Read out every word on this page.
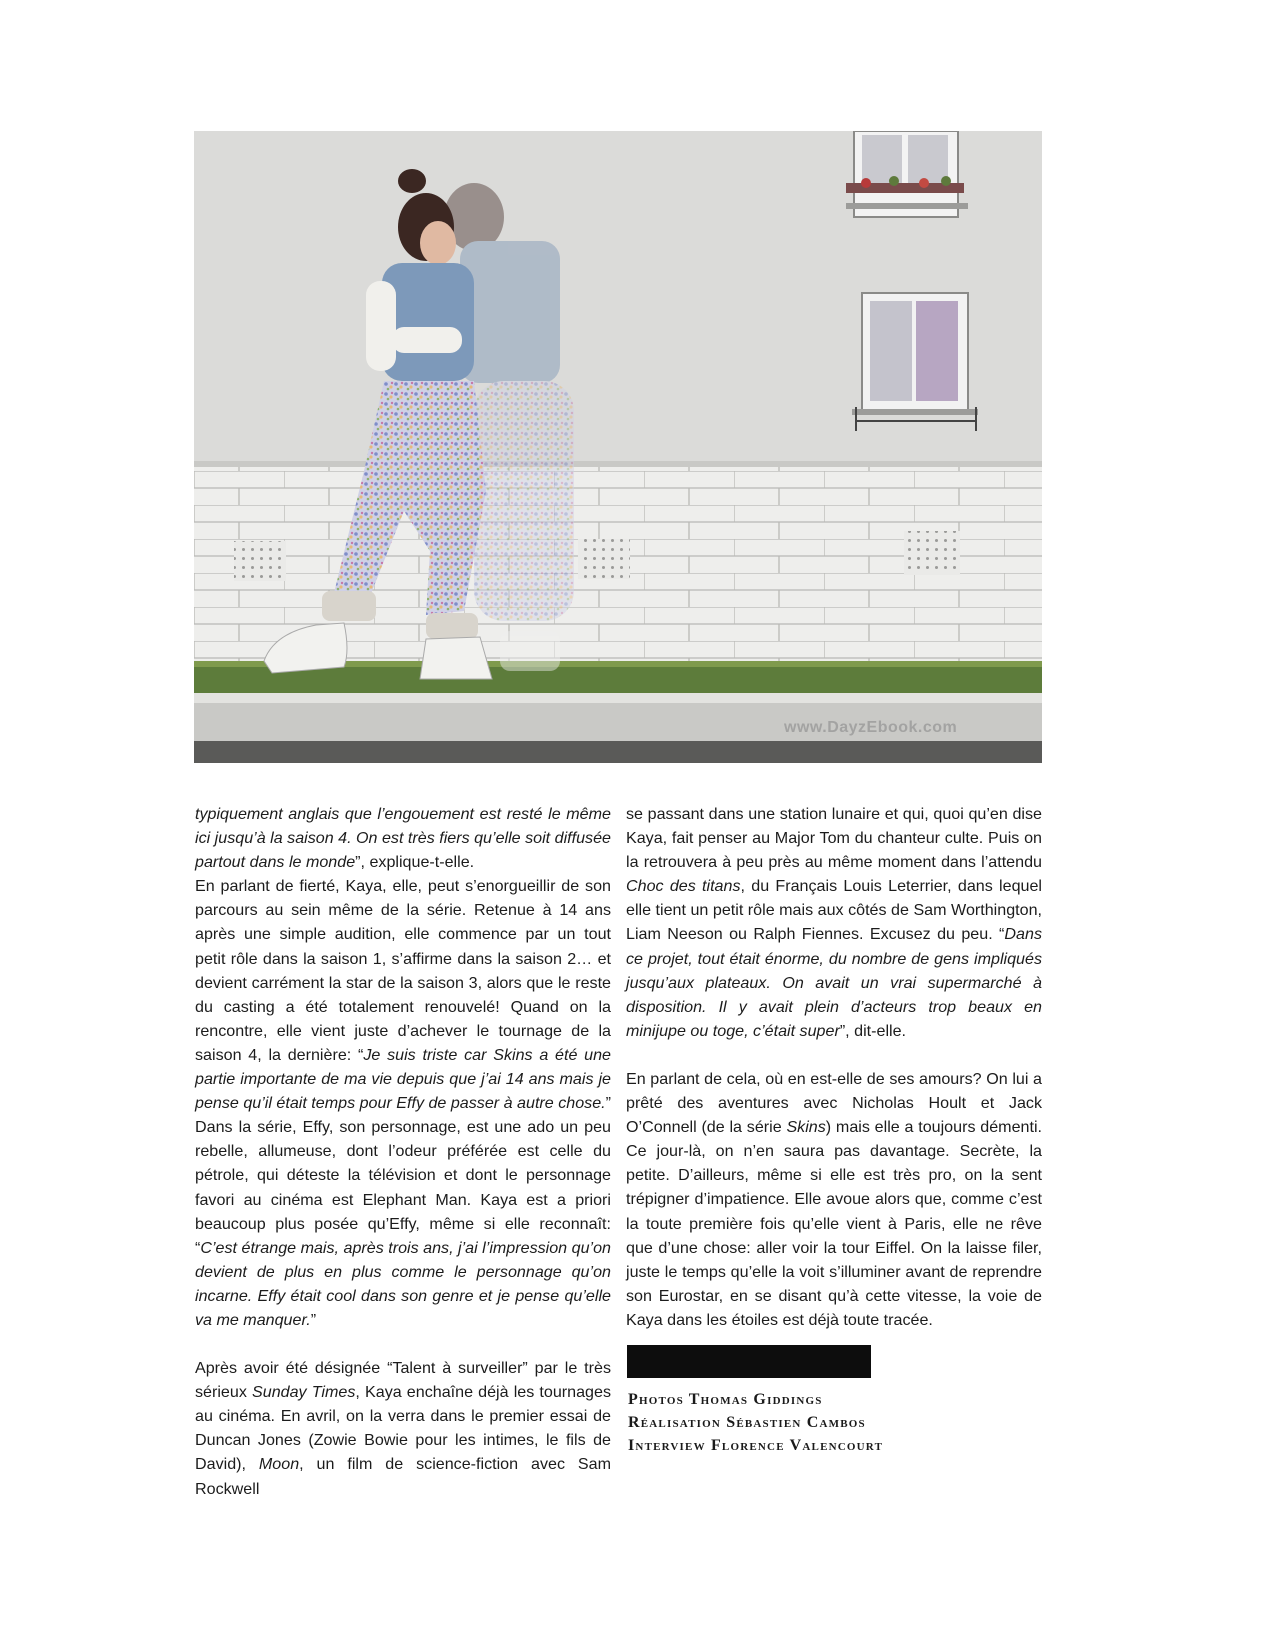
www.DayzEbook.com

typiquement anglais que l’engouement est resté le même ici jusqu’à la saison 4. On est très fiers qu’elle soit diffusée partout dans le monde”, explique-t-elle.

En parlant de fierté, Kaya, elle, peut s’enorgueillir de son parcours au sein même de la série. Retenue à 14 ans après une simple audition, elle commence par un tout petit rôle dans la saison 1, s’affirme dans la saison 2… et devient carrément la star de la saison 3, alors que le reste du casting a été totalement renouvelé! Quand on la rencontre, elle vient juste d’achever le tournage de la saison 4, la dernière: “Je suis triste car Skins a été une partie importante de ma vie depuis que j’ai 14 ans mais je pense qu’il était temps pour Effy de passer à autre chose.” Dans la série, Effy, son personnage, est une ado un peu rebelle, allumeuse, dont l’odeur préférée est celle du pétrole, qui déteste la télévision et dont le personnage favori au cinéma est Elephant Man. Kaya est a priori beaucoup plus posée qu’Effy, même si elle reconnaît: “C’est étrange mais, après trois ans, j’ai l’impression qu’on devient de plus en plus comme le personnage qu’on incarne. Effy était cool dans son genre et je pense qu’elle va me manquer.”

Après avoir été désignée “Talent à surveiller” par le très sérieux Sunday Times, Kaya enchaîne déjà les tournages au cinéma. En avril, on la verra dans le premier essai de Duncan Jones (Zowie Bowie pour les intimes, le fils de David), Moon, un film de science-fiction avec Sam Rockwell

se passant dans une station lunaire et qui, quoi qu’en dise Kaya, fait penser au Major Tom du chanteur culte. Puis on la retrouvera à peu près au même moment dans l’attendu Choc des titans, du Français Louis Leterrier, dans lequel elle tient un petit rôle mais aux côtés de Sam Worthington, Liam Neeson ou Ralph Fiennes. Excusez du peu. “Dans ce projet, tout était énorme, du nombre de gens impliqués jusqu’aux plateaux. On avait un vrai supermarché à disposition. Il y avait plein d’acteurs trop beaux en minijupe ou toge, c’était super”, dit-elle.

En parlant de cela, où en est-elle de ses amours? On lui a prêté des aventures avec Nicholas Hoult et Jack O’Connell (de la série Skins) mais elle a toujours démenti. Ce jour-là, on n’en saura pas davantage. Secrète, la petite. D’ailleurs, même si elle est très pro, on la sent trépigner d’impatience. Elle avoue alors que, comme c’est la toute première fois qu’elle vient à Paris, elle ne rêve que d’une chose: aller voir la tour Eiffel. On la laisse filer, juste le temps qu’elle la voit s’illuminer avant de reprendre son Eurostar, en se disant qu’à cette vitesse, la voie de Kaya dans les étoiles est déjà toute tracée.

Photos Thomas Giddings
Réalisation Sébastien Cambos
Interview Florence Valencourt
